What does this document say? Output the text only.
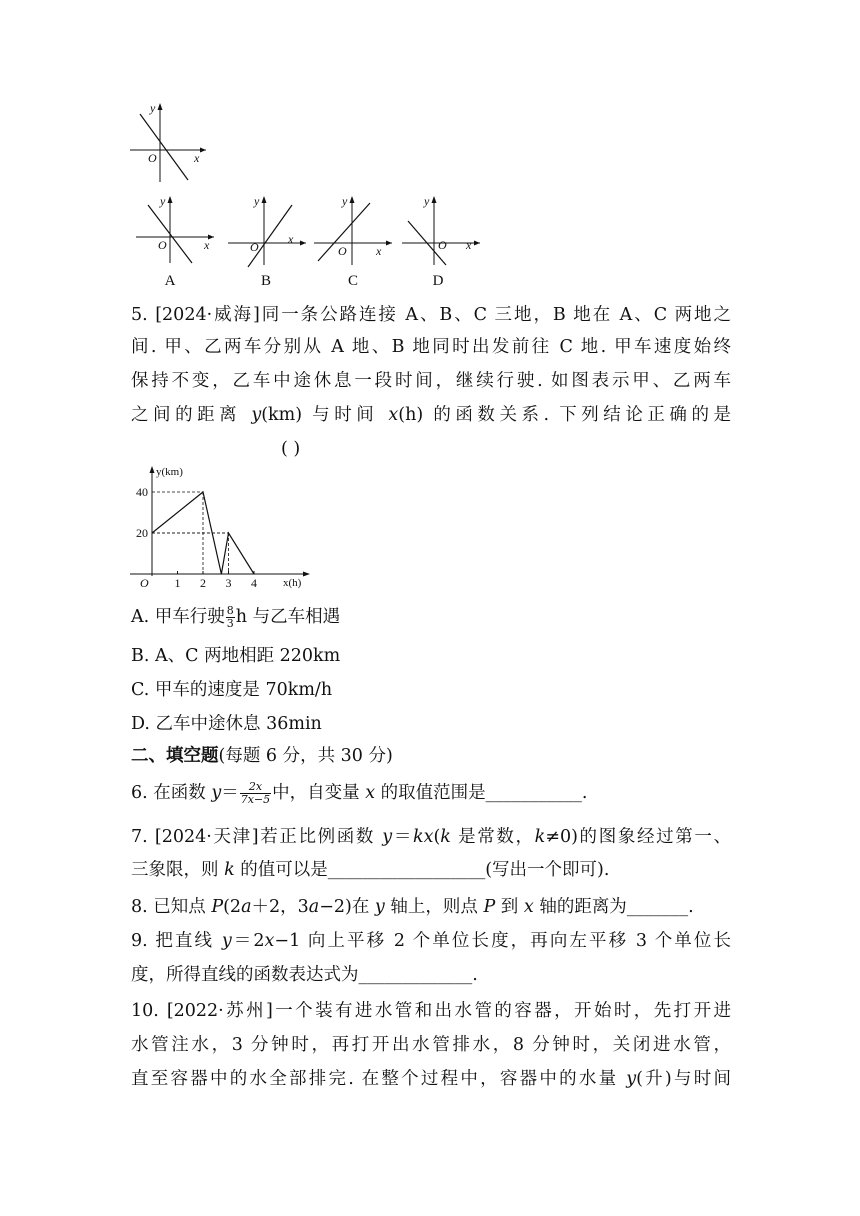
y
x
O
y
x
O
A
y
x
O
B
y
x
O
C
y
x
O
D
5. [2024·威海]同一条公路连接 A、B、C 三地，B 地在 A、C 两地之
间. 甲、乙两车分别从 A 地、B 地同时出发前往 C 地. 甲车速度始终
保持不变，乙车中途休息一段时间，继续行驶. 如图表示甲、乙两车
之间的距离 y(km) 与时间 x(h) 的函数关系. 下列结论正确的是
( )
y(km)
x(h)
O 1 2 3 4
20
40
A. 甲车行驶 $\frac{8}{3}$ h 与乙车相遇
B. A、C 两地相距 220km
C. 甲车的速度是 70km/h
D. 乙车中途休息 36min
二、填空题(每题 6 分，共 30 分)
6. 在函数 $y= \frac{2x}{7x-5}$ 中，自变量 x 的取值范围是___________.
7. [2024·天津]若正比例函数 y＝kx(k 是常数，k≠0)的图象经过第一、
三象限，则 k 的值可以是__________________(写出一个即可).
8. 已知点 P(2a＋2，3a−2)在 y 轴上，则点 P 到 x 轴的距离为_______.
9. 把直线 y＝2x−1 向上平移 2 个单位长度，再向左平移 3 个单位长
度，所得直线的函数表达式为_____________.
10. [2022·苏州]一个装有进水管和出水管的容器，开始时，先打开进
水管注水，3 分钟时，再打开出水管排水，8 分钟时，关闭进水管，
直至容器中的水全部排完. 在整个过程中，容器中的水量 y(升)与时间
